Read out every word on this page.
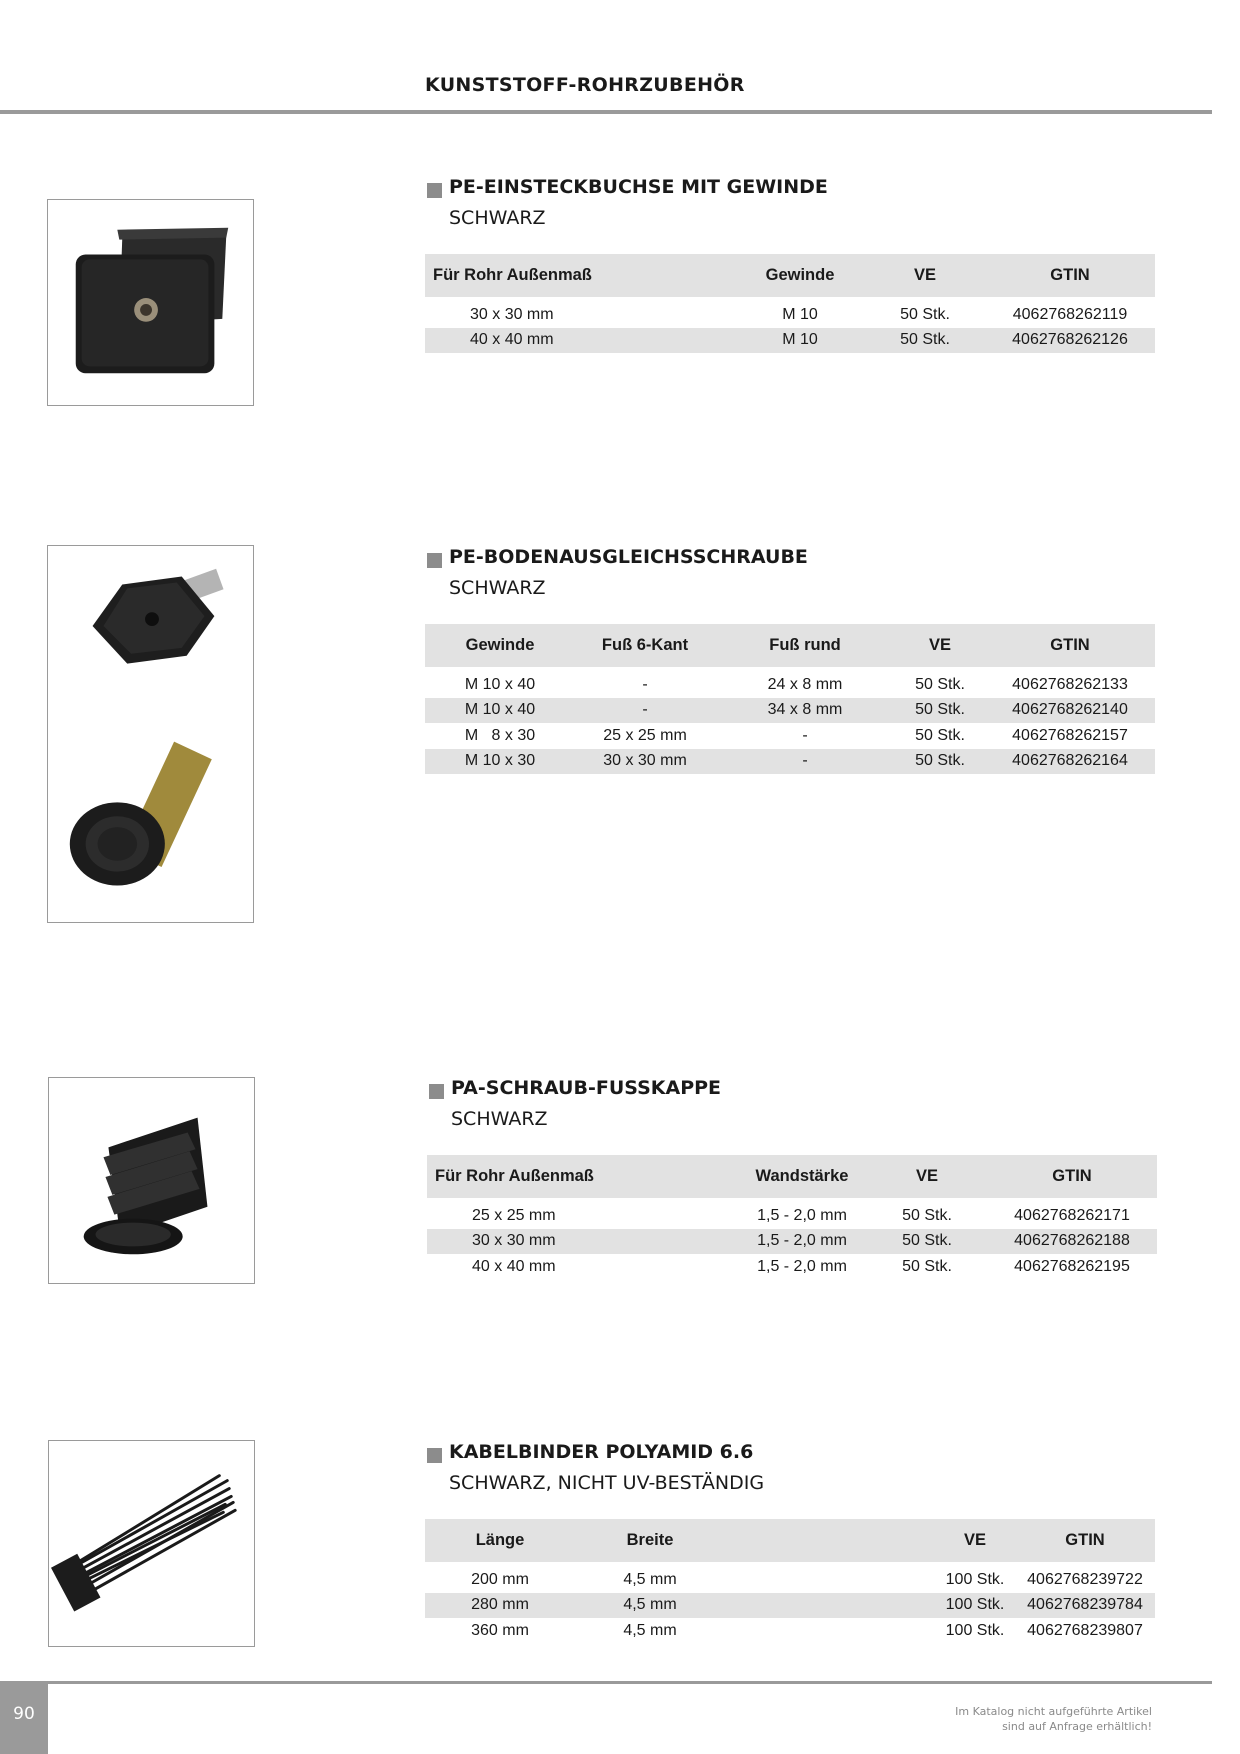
KUNSTSTOFF-ROHRZUBEHÖR
PE-EINSTECKBUCHSE MIT GEWINDE
SCHWARZ
Für Rohr Außenmaß	Gewinde	VE	GTIN

30 x 30 mm	M 10	50 Stk.	4062768262119
40 x 40 mm	M 10	50 Stk.	4062768262126
PE-BODENAUSGLEICHSSCHRAUBE
SCHWARZ
Gewinde	Fuß 6-Kant	Fuß rund	VE	GTIN

M 10 x 40	-	24 x 8 mm	50 Stk.	4062768262133
M 10 x 40	-	34 x 8 mm	50 Stk.	4062768262140
M   8 x 30	25 x 25 mm	-	50 Stk.	4062768262157
M 10 x 30	30 x 30 mm	-	50 Stk.	4062768262164
PA-SCHRAUB-FUSSKAPPE
SCHWARZ
Für Rohr Außenmaß	Wandstärke	VE	GTIN

25 x 25 mm	1,5 - 2,0 mm	50 Stk.	4062768262171
30 x 30 mm	1,5 - 2,0 mm	50 Stk.	4062768262188
40 x 40 mm	1,5 - 2,0 mm	50 Stk.	4062768262195
KABELBINDER POLYAMID 6.6
SCHWARZ, NICHT UV-BESTÄNDIG
Länge	Breite		VE	GTIN

200 mm	4,5 mm		100 Stk.	4062768239722
280 mm	4,5 mm		100 Stk.	4062768239784
360 mm	4,5 mm		100 Stk.	4062768239807
90	Im Katalog nicht aufgeführte Artikel
sind auf Anfrage erhältlich!
